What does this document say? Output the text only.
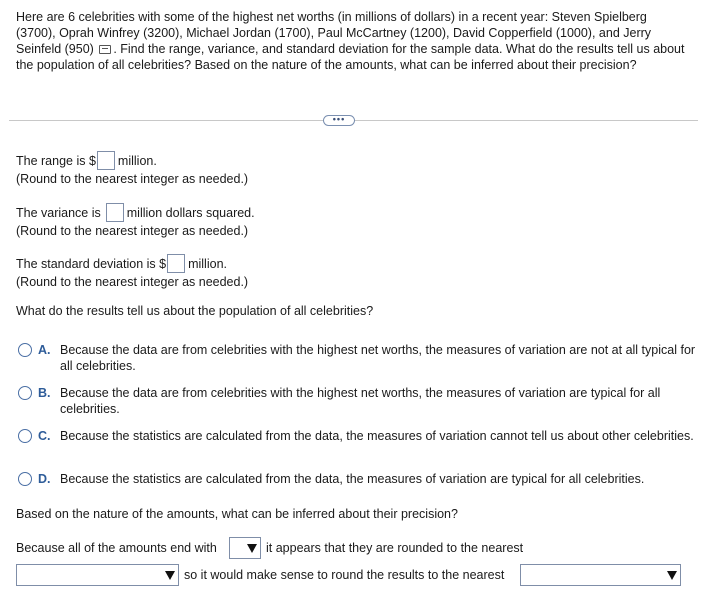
Here are 6 celebrities with some of the highest net worths (in millions of dollars) in a recent year: Steven Spielberg (3700), Oprah Winfrey (3200), Michael Jordan (1700), Paul McCartney (1200), David Copperfield (1000), and Jerry Seinfeld (950) . Find the range, variance, and standard deviation for the sample data. What do the results tell us about the population of all celebrities? Based on the nature of the amounts, what can be inferred about their precision?
•••
The range is $ million.
(Round to the nearest integer as needed.)
The variance is million dollars squared.
(Round to the nearest integer as needed.)
The standard deviation is $ million.
(Round to the nearest integer as needed.)
What do the results tell us about the population of all celebrities?
A. Because the data are from celebrities with the highest net worths, the measures of variation are not at all typical for all celebrities.
B. Because the data are from celebrities with the highest net worths, the measures of variation are typical for all celebrities.
C. Because the statistics are calculated from the data, the measures of variation cannot tell us about other celebrities.
D. Because the statistics are calculated from the data, the measures of variation are typical for all celebrities.
Based on the nature of the amounts, what can be inferred about their precision?
Because all of the amounts end with	it appears that they are rounded to the nearest
so it would make sense to round the results to the nearest
